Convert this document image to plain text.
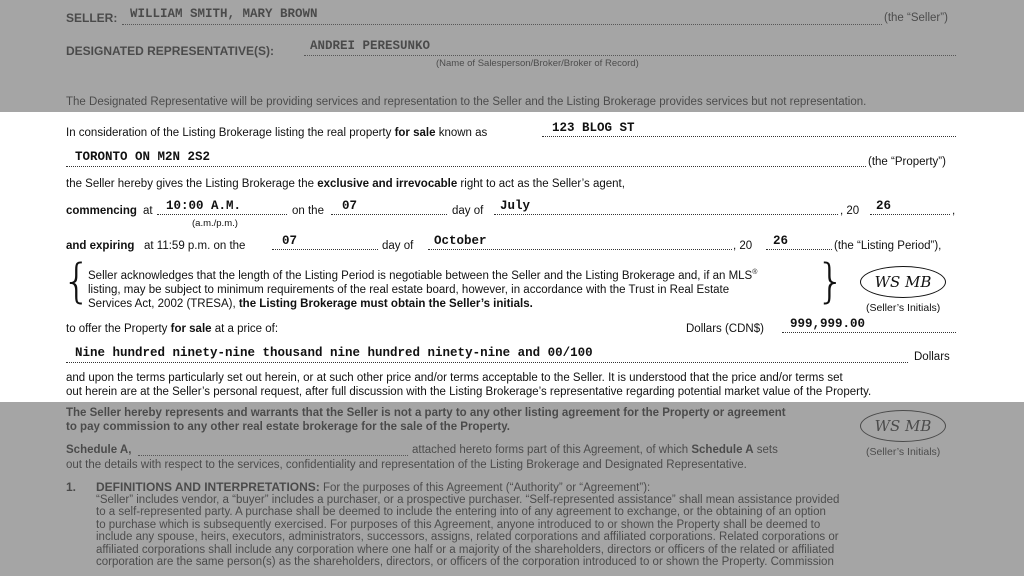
In consideration of the Listing Brokerage listing the real property for sale known as	123 BLOG ST
TORONTO ON M2N 2S2	(the “Property”)
the Seller hereby gives the Listing Brokerage the exclusive and irrevocable right to act as the Seller’s agent,
commencing at 10:00 A.M.
(a.m./p.m.)
on the 07	day of July	, 20 26	,
and expiring at 11:59 p.m. on the	07	day of October	, 20 26	(the “Listing Period”),
{
Seller acknowledges that the length of the Listing Period is negotiable between the Seller and the Listing Brokerage and, if an MLS®
listing, may be subject to minimum requirements of the real estate board, however, in accordance with the Trust in Real Estate
Services Act, 2002 (TRESA), the Listing Brokerage must obtain the Seller’s initials.	}	WS MB
(Seller’s Initials)
to offer the Property for sale at a price of:	Dollars (CDN$) 999,999.00
Nine hundred ninety-nine thousand nine hundred ninety-nine and 00/100	Dollars
and upon the terms particularly set out herein, or at such other price and/or terms acceptable to the Seller. It is understood that the price and/or terms set
out herein are at the Seller’s personal request, after full discussion with the Listing Brokerage’s representative regarding potential market value of the Property.
